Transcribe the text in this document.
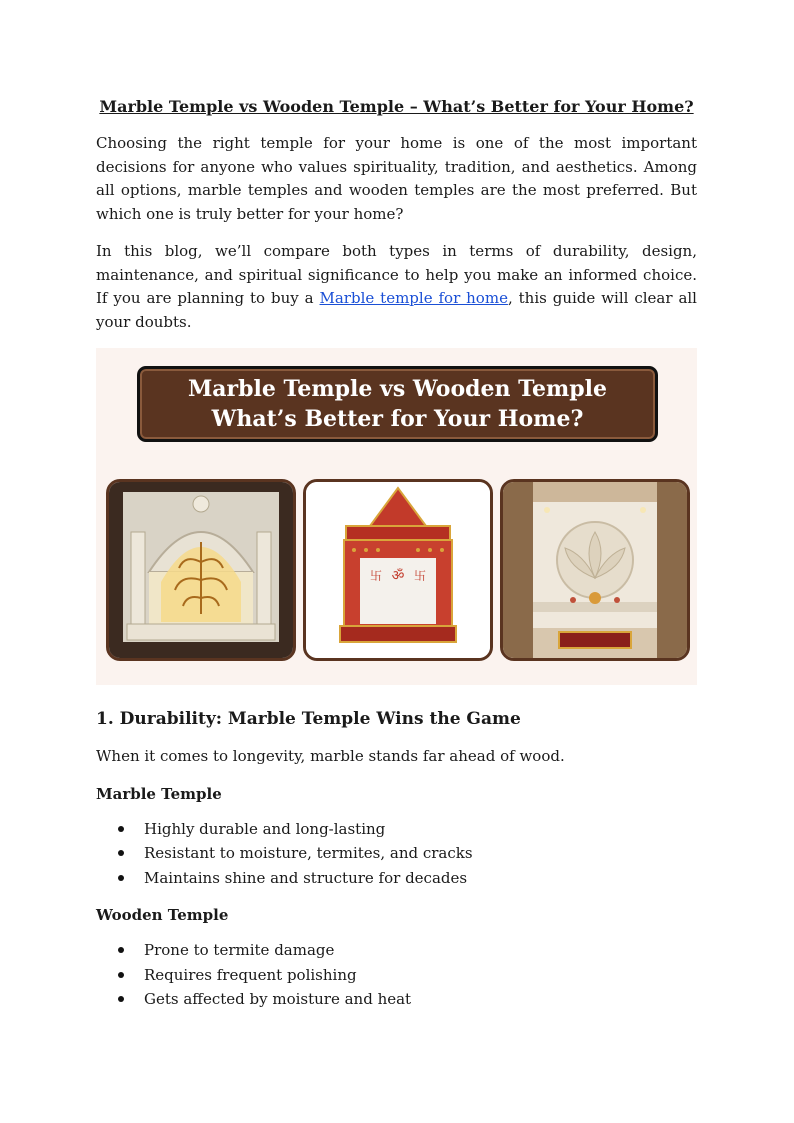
Marble Temple vs Wooden Temple – What’s Better for Your Home?

Choosing the right temple for your home is one of the most important decisions for anyone who values spirituality, tradition, and aesthetics. Among all options, marble temples and wooden temples are the most preferred. But which one is truly better for your home?

In this blog, we’ll compare both types in terms of durability, design, maintenance, and spiritual significance to help you make an informed choice. If you are planning to buy a Marble temple for home, this guide will clear all your doubts.

Marble Temple vs Wooden Temple
What’s Better for Your Home?
ॐ
卐	卐
1. Durability: Marble Temple Wins the Game

When it comes to longevity, marble stands far ahead of wood.

Marble Temple
Highly durable and long-lasting
Resistant to moisture, termites, and cracks
Maintains shine and structure for decades
Wooden Temple
Prone to termite damage
Requires frequent polishing
Gets affected by moisture and heat
